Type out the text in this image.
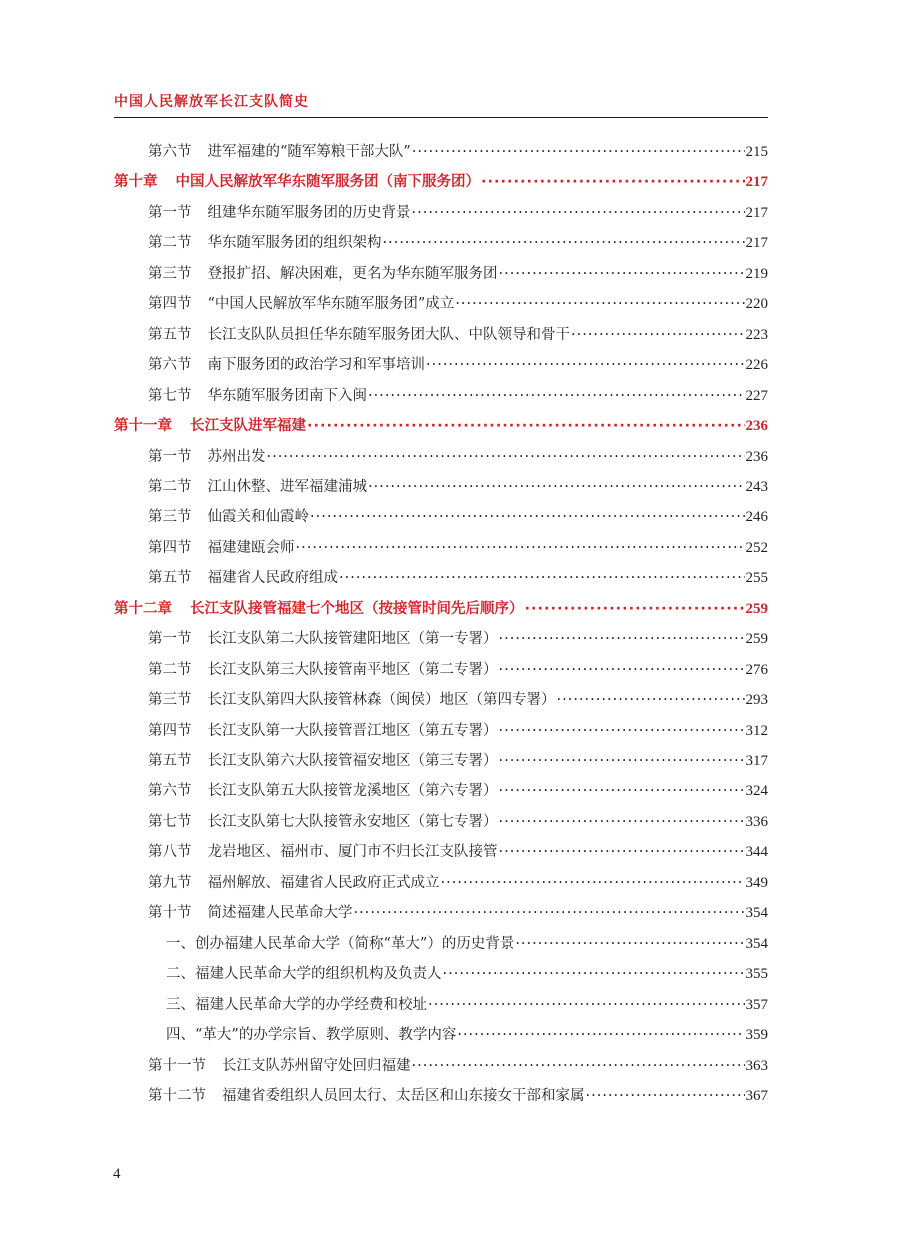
中国人民解放军长江支队简史
第六节 进军福建的“随军筹粮干部大队” ·····	215
第十章 中国人民解放军华东随军服务团（南下服务团） ·····	217
第一节 组建华东随军服务团的历史背景 ·····	217
第二节 华东随军服务团的组织架构 ·····	217
第三节 登报扩招、解决困难，更名为华东随军服务团 ·····	219
第四节 “中国人民解放军华东随军服务团”成立 ·····	220
第五节 长江支队队员担任华东随军服务团大队、中队领导和骨干 ·····	223
第六节 南下服务团的政治学习和军事培训 ·····	226
第七节 华东随军服务团南下入闽 ·····	227
第十一章 长江支队进军福建 ·····	236
第一节 苏州出发 ·····	236
第二节 江山休整、进军福建浦城 ·····	243
第三节 仙霞关和仙霞岭 ·····	246
第四节 福建建瓯会师 ·····	252
第五节 福建省人民政府组成 ·····	255
第十二章 长江支队接管福建七个地区（按接管时间先后顺序） ·····	259
第一节 长江支队第二大队接管建阳地区（第一专署） ·····	259
第二节 长江支队第三大队接管南平地区（第二专署） ·····	276
第三节 长江支队第四大队接管林森（闽侯）地区（第四专署） ·····	293
第四节 长江支队第一大队接管晋江地区（第五专署） ·····	312
第五节 长江支队第六大队接管福安地区（第三专署） ·····	317
第六节 长江支队第五大队接管龙溪地区（第六专署） ·····	324
第七节 长江支队第七大队接管永安地区（第七专署） ·····	336
第八节 龙岩地区、福州市、厦门市不归长江支队接管 ·····	344
第九节 福州解放、福建省人民政府正式成立 ·····	349
第十节 简述福建人民革命大学 ·····	354
一、 创办福建人民革命大学（简称“革大”）的历史背景 ·····	354
二、 福建人民革命大学的组织机构及负责人 ·····	355
三、 福建人民革命大学的办学经费和校址 ·····	357
四、 “革大”的办学宗旨、教学原则、教学内容 ·····	359
第十一节 长江支队苏州留守处回归福建 ·····	363
第十二节 福建省委组织人员回太行、太岳区和山东接女干部和家属 ·····	367
4
